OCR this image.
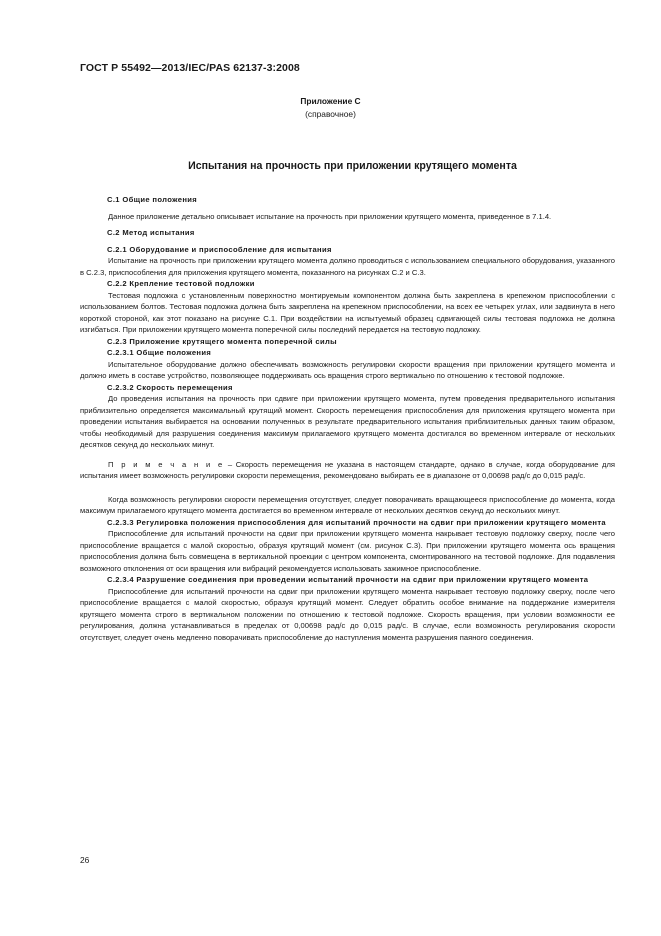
ГОСТ Р 55492—2013/IEC/PAS 62137-3:2008
Приложение С
(справочное)
Испытания на прочность при приложении крутящего момента

С.1 Общие положения

Данное приложение детально описывает испытание на прочность при приложении крутящего момента, приведенное в 7.1.4.

С.2 Метод испытания

С.2.1 Оборудование и приспособление для испытания

Испытание на прочность при приложении крутящего момента должно проводиться с использованием специального оборудования, указанного в С.2.3, приспособления для приложения крутящего момента, показанного на рисунках С.2 и С.3.

С.2.2 Крепление тестовой подложки

Тестовая подложка с установленным поверхностно монтируемым компонентом должна быть закреплена в крепежном приспособлении с использованием болтов. Тестовая подложка должна быть закреплена на крепежном приспособлении, на всех ее четырех углах, или задвинута в него короткой стороной, как этот показано на рисунке С.1. При воздействии на испытуемый образец сдвигающей силы тестовая подложка не должна изгибаться. При приложении крутящего момента поперечной силы последний передается на тестовую подложку.

С.2.3 Приложение крутящего момента поперечной силы

С.2.3.1 Общие положения

Испытательное оборудование должно обеспечивать возможность регулировки скорости вращения при приложении крутящего момента и должно иметь в составе устройство, позволяющее поддерживать ось вращения строго вертикально по отношению к тестовой подложке.

С.2.3.2 Скорость перемещения

До проведения испытания на прочность при сдвиге при приложении крутящего момента, путем проведения предварительного испытания приблизительно определяется максимальный крутящий момент. Скорость перемещения приспособления для приложения крутящего момента при проведении испытания выбирается на основании полученных в результате предварительного испытания приблизительных данных таким образом, чтобы необходимый для разрушения соединения максимум прилагаемого крутящего момента достигался во временном интервале от нескольких десятков секунд до нескольких минут.

П р и м е ч а н и е – Скорость перемещения не указана в настоящем стандарте, однако в случае, когда оборудование для испытания имеет возможность регулировки скорости перемещения, рекомендовано выбирать ее в диапазоне от 0,00698 рад/с до 0,015 рад/с.

Когда возможность регулировки скорости перемещения отсутствует, следует поворачивать вращающееся приспособление до момента, когда максимум прилагаемого крутящего момента достигается во временном интервале от нескольких десятков секунд до нескольких минут.

С.2.3.3 Регулировка положения приспособления для испытаний прочности на сдвиг при приложении крутящего момента

Приспособление для испытаний прочности на сдвиг при приложении крутящего момента накрывает тестовую подложку сверху, после чего приспособление вращается с малой скоростью, образуя крутящий момент (см. рисунок С.3). При приложении крутящего момента ось вращения приспособления должна быть совмещена в вертикальной проекции с центром компонента, смонтированного на тестовой подложке. Для подавления возможного отклонения от оси вращения или вибраций рекомендуется использовать зажимное приспособление.

С.2.3.4 Разрушение соединения при проведении испытаний прочности на сдвиг при приложении крутящего момента

Приспособление для испытаний прочности на сдвиг при приложении крутящего момента накрывает тестовую подложку сверху, после чего приспособление вращается с малой скоростью, образуя крутящий момент. Следует обратить особое внимание на поддержание измерителя крутящего момента строго в вертикальном положении по отношению к тестовой подложке. Скорость вращения, при условии возможности ее регулирования, должна устанавливаться в пределах от 0,00698 рад/с до 0,015 рад/с. В случае, если возможность регулирования скорости отсутствует, следует очень медленно поворачивать приспособление до наступления момента разрушения паяного соединения.

26
